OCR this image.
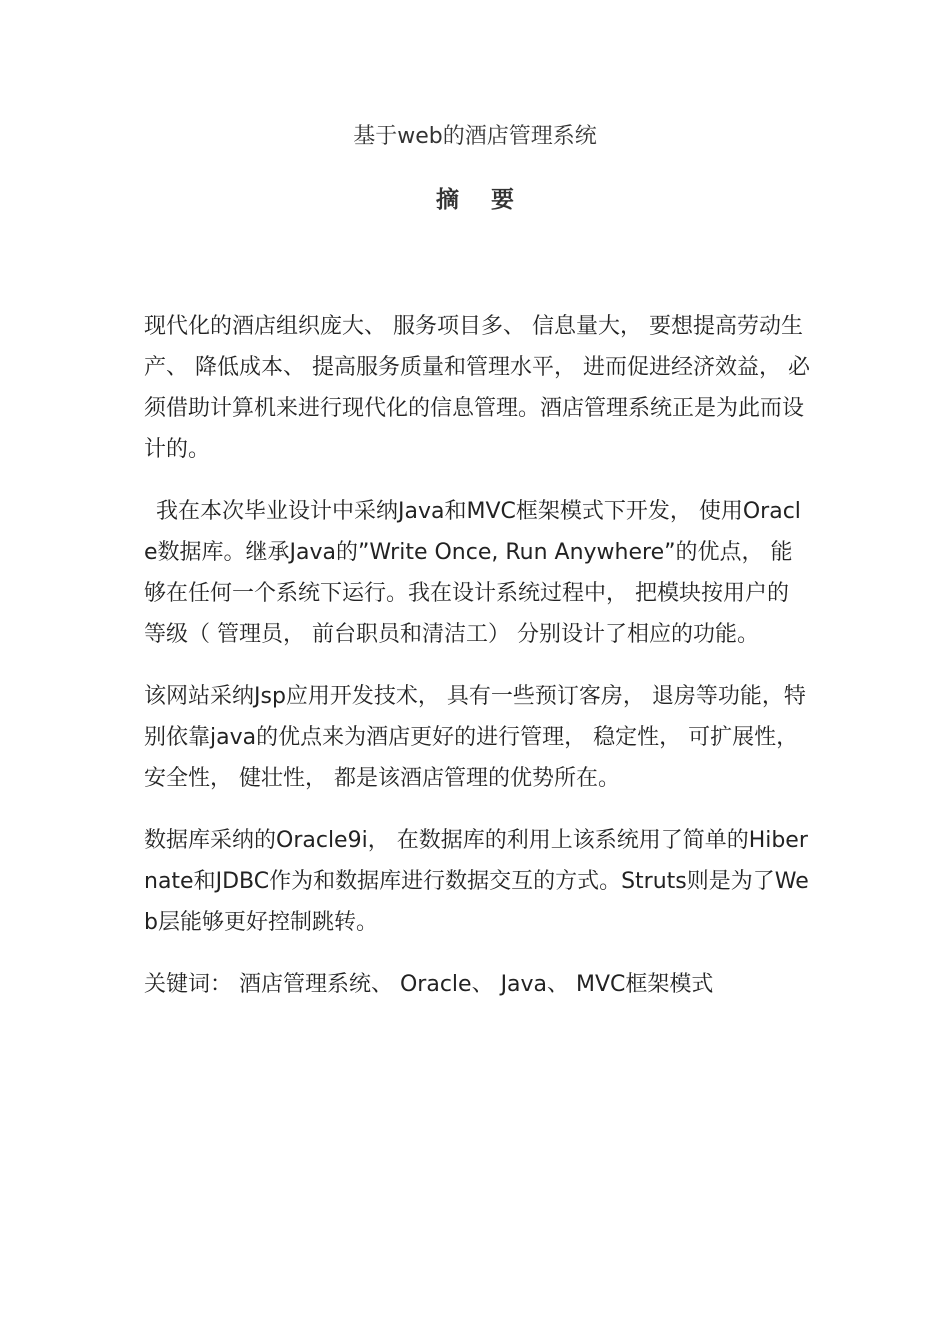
基于web的酒店管理系统
摘 要

现代化的酒店组织庞大、 服务项目多、 信息量大， 要想提高劳动生产、 降低成本、 提高服务质量和管理水平， 进而促进经济效益， 必须借助计算机来进行现代化的信息管理。酒店管理系统正是为此而设计的。

我在本次毕业设计中采纳Java和MVC框架模式下开发， 使用Oracle数据库。继承Java的”Write Once, Run Anywhere”的优点， 能够在任何一个系统下运行。我在设计系统过程中， 把模块按用户的等级（ 管理员， 前台职员和清洁工） 分别设计了相应的功能。

该网站采纳Jsp应用开发技术， 具有一些预订客房， 退房等功能，特别依靠java的优点来为酒店更好的进行管理， 稳定性， 可扩展性， 安全性， 健壮性， 都是该酒店管理的优势所在。

数据库采纳的Oracle9i， 在数据库的利用上该系统用了简单的Hibernate和JDBC作为和数据库进行数据交互的方式。Struts则是为了Web层能够更好控制跳转。

关键词： 酒店管理系统、 Oracle、 Java、 MVC框架模式
